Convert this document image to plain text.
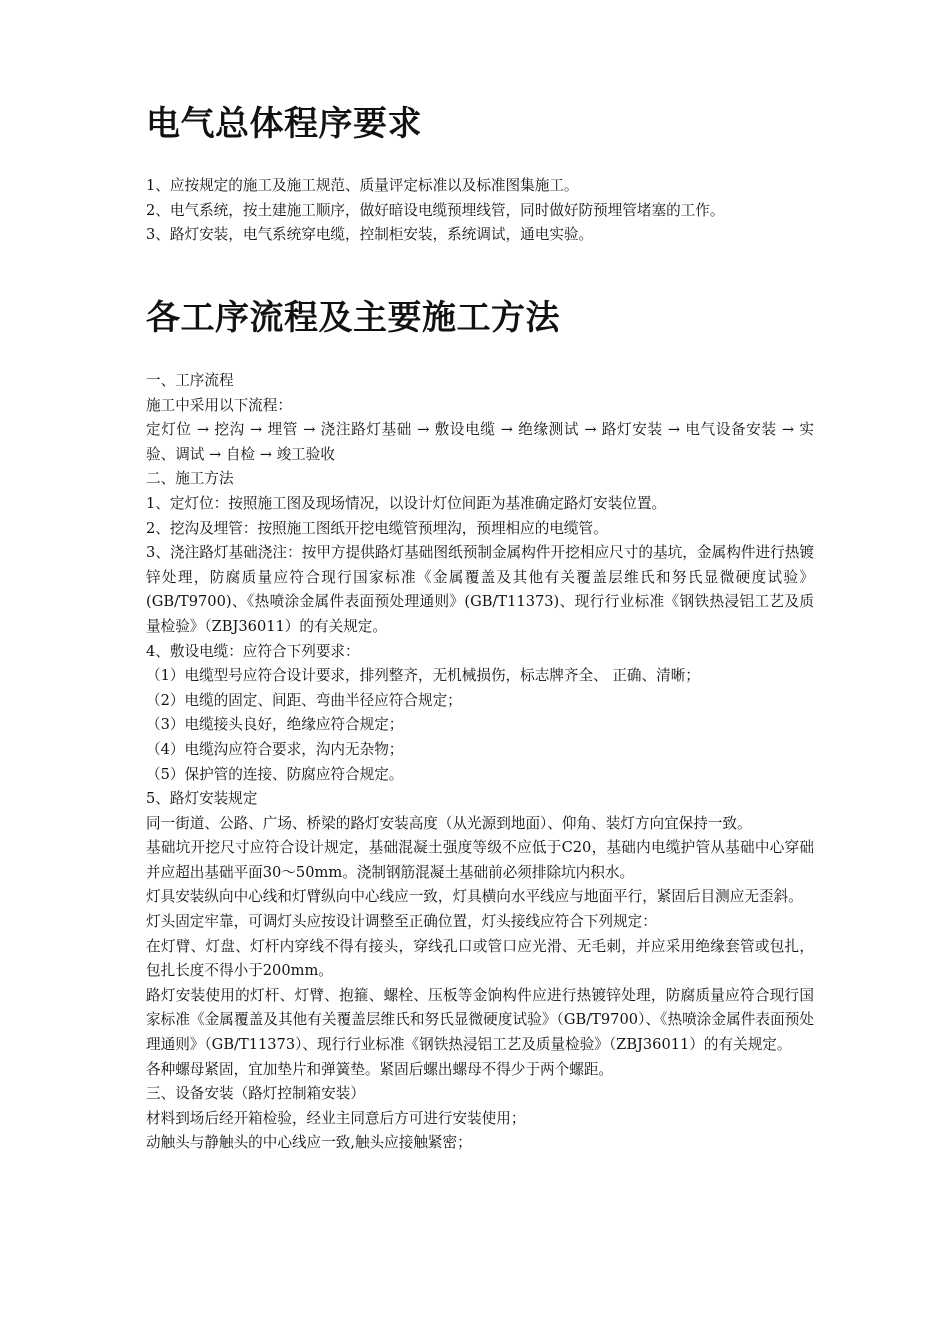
电气总体程序要求

1、应按规定的施工及施工规范、质量评定标准以及标准图集施工。

2、电气系统，按土建施工顺序，做好暗设电缆预埋线管，同时做好防预埋管堵塞的工作。

3、路灯安装，电气系统穿电缆，控制柜安装，系统调试，通电实验。

各工序流程及主要施工方法

一、工序流程

施工中采用以下流程：

定灯位 → 挖沟 → 埋管 → 浇注路灯基础 → 敷设电缆 → 绝缘测试 → 路灯安装 → 电气设备安装 → 实验、调试 → 自检 → 竣工验收

二、施工方法

1、定灯位：按照施工图及现场情况，以设计灯位间距为基准确定路灯安装位置。

2、挖沟及埋管：按照施工图纸开挖电缆管预埋沟，预埋相应的电缆管。

3、浇注路灯基础浇注：按甲方提供路灯基础图纸预制金属构件开挖相应尺寸的基坑，金属构件进行热镀锌处理，防腐质量应符合现行国家标准《金属覆盖及其他有关覆盖层维氏和努氏显微硬度试验》(GB/T9700)、《热喷涂金属件表面预处理通则》(GB/T11373)、现行行业标准《钢铁热浸铝工艺及质量检验》（ZBJ36011）的有关规定。

4、敷设电缆：应符合下列要求：

（1）电缆型号应符合设计要求，排列整齐，无机械损伤，标志牌齐全、 正确、清晰；

（2）电缆的固定、间距、弯曲半径应符合规定；

（3）电缆接头良好，绝缘应符合规定；

（4）电缆沟应符合要求，沟内无杂物；

（5）保护管的连接、防腐应符合规定。

5、路灯安装规定

同一街道、公路、广场、桥梁的路灯安装高度（从光源到地面）、仰角、装灯方向宜保持一致。

基础坑开挖尺寸应符合设计规定，基础混凝土强度等级不应低于C20，基础内电缆护管从基础中心穿础并应超出基础平面30～50mm。浇制钢筋混凝土基础前必须排除坑内积水。

灯具安装纵向中心线和灯臂纵向中心线应一致，灯具横向水平线应与地面平行，紧固后目测应无歪斜。

灯头固定牢靠，可调灯头应按设计调整至正确位置，灯头接线应符合下列规定：

在灯臂、灯盘、灯杆内穿线不得有接头，穿线孔口或管口应光滑、无毛刺，并应采用绝缘套管或包扎，包扎长度不得小于200mm。

路灯安装使用的灯杆、灯臂、抱箍、螺栓、压板等金饷构件应进行热镀锌处理，防腐质量应符合现行国家标准《金属覆盖及其他有关覆盖层维氏和努氏显微硬度试验》（GB/T9700）、《热喷涂金属件表面预处理通则》（GB/T11373）、现行行业标准《钢铁热浸铝工艺及质量检验》（ZBJ36011）的有关规定。

各种螺母紧固，宜加垫片和弹簧垫。紧固后螺出螺母不得少于两个螺距。

三、设备安装（路灯控制箱安装）

材料到场后经开箱检验，经业主同意后方可进行安装使用；

动触头与静触头的中心线应一致,触头应接触紧密；
